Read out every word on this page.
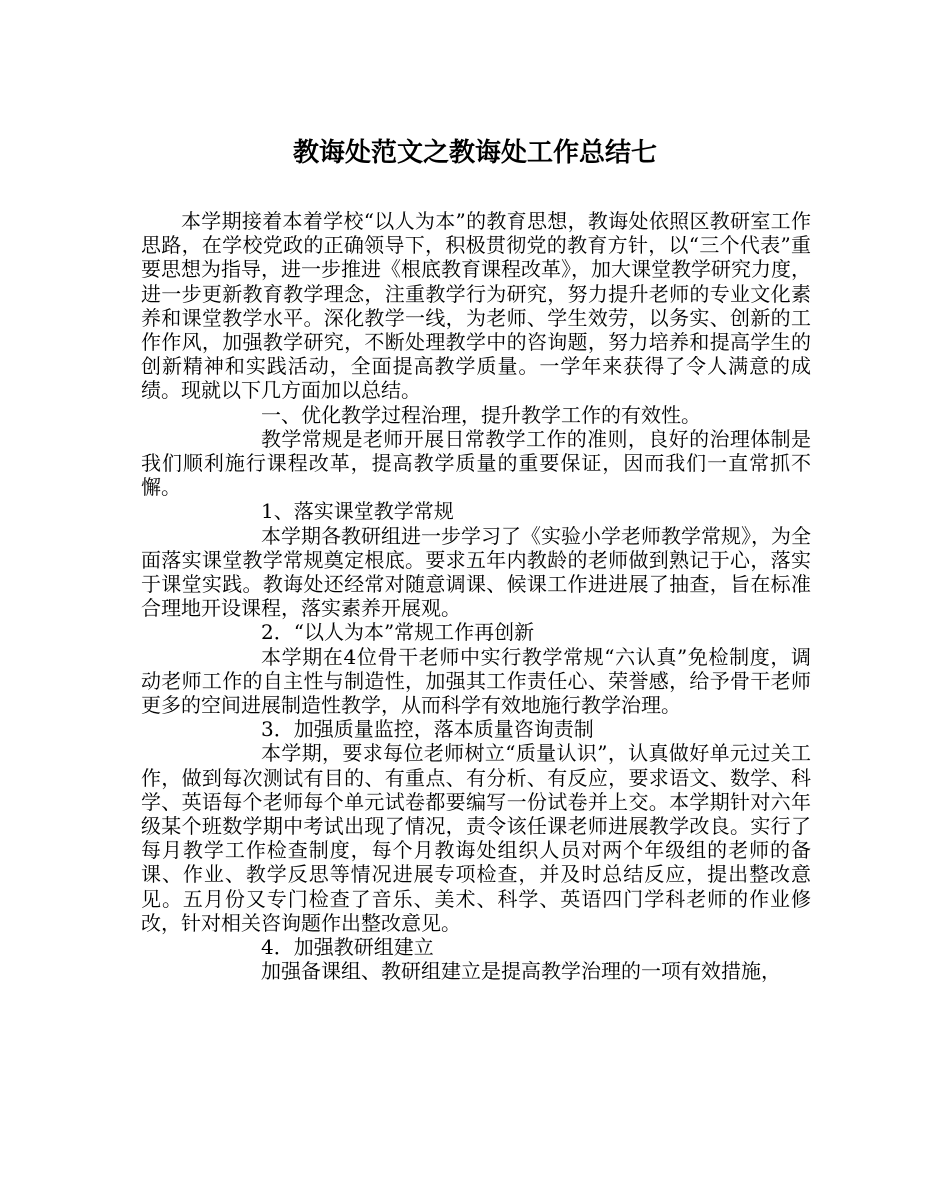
教诲处范文之教诲处工作总结七

本学期接着本着学校“以人为本”的教育思想，教诲处依照区教研室工作思路，在学校党政的正确领导下，积极贯彻党的教育方针，以“三个代表”重要思想为指导，进一步推进《根底教育课程改革》，加大课堂教学研究力度，进一步更新教育教学理念，注重教学行为研究，努力提升老师的专业文化素养和课堂教学水平。深化教学一线，为老师、学生效劳，以务实、创新的工作作风，加强教学研究，不断处理教学中的咨询题，努力培养和提高学生的创新精神和实践活动，全面提高教学质量。一学年来获得了令人满意的成绩。现就以下几方面加以总结。

一、优化教学过程治理，提升教学工作的有效性。

教学常规是老师开展日常教学工作的准则，良好的治理体制是我们顺利施行课程改革，提高教学质量的重要保证，因而我们一直常抓不懈。

1、落实课堂教学常规

本学期各教研组进一步学习了《实验小学老师教学常规》，为全面落实课堂教学常规奠定根底。要求五年内教龄的老师做到熟记于心，落实于课堂实践。教诲处还经常对随意调课、候课工作进进展了抽查，旨在标准合理地开设课程，落实素养开展观。

2．“以人为本”常规工作再创新

本学期在4位骨干老师中实行教学常规“六认真”免检制度，调动老师工作的自主性与制造性，加强其工作责任心、荣誉感，给予骨干老师更多的空间进展制造性教学，从而科学有效地施行教学治理。

3．加强质量监控，落本质量咨询责制

本学期，要求每位老师树立“质量认识”，认真做好单元过关工作，做到每次测试有目的、有重点、有分析、有反应，要求语文、数学、科学、英语每个老师每个单元试卷都要编写一份试卷并上交。本学期针对六年级某个班数学期中考试出现了情况，责令该任课老师进展教学改良。实行了每月教学工作检查制度，每个月教诲处组织人员对两个年级组的老师的备课、作业、教学反思等情况进展专项检查，并及时总结反应，提出整改意见。五月份又专门检查了音乐、美术、科学、英语四门学科老师的作业修改，针对相关咨询题作出整改意见。

4．加强教研组建立

加强备课组、教研组建立是提高教学治理的一项有效措施，
